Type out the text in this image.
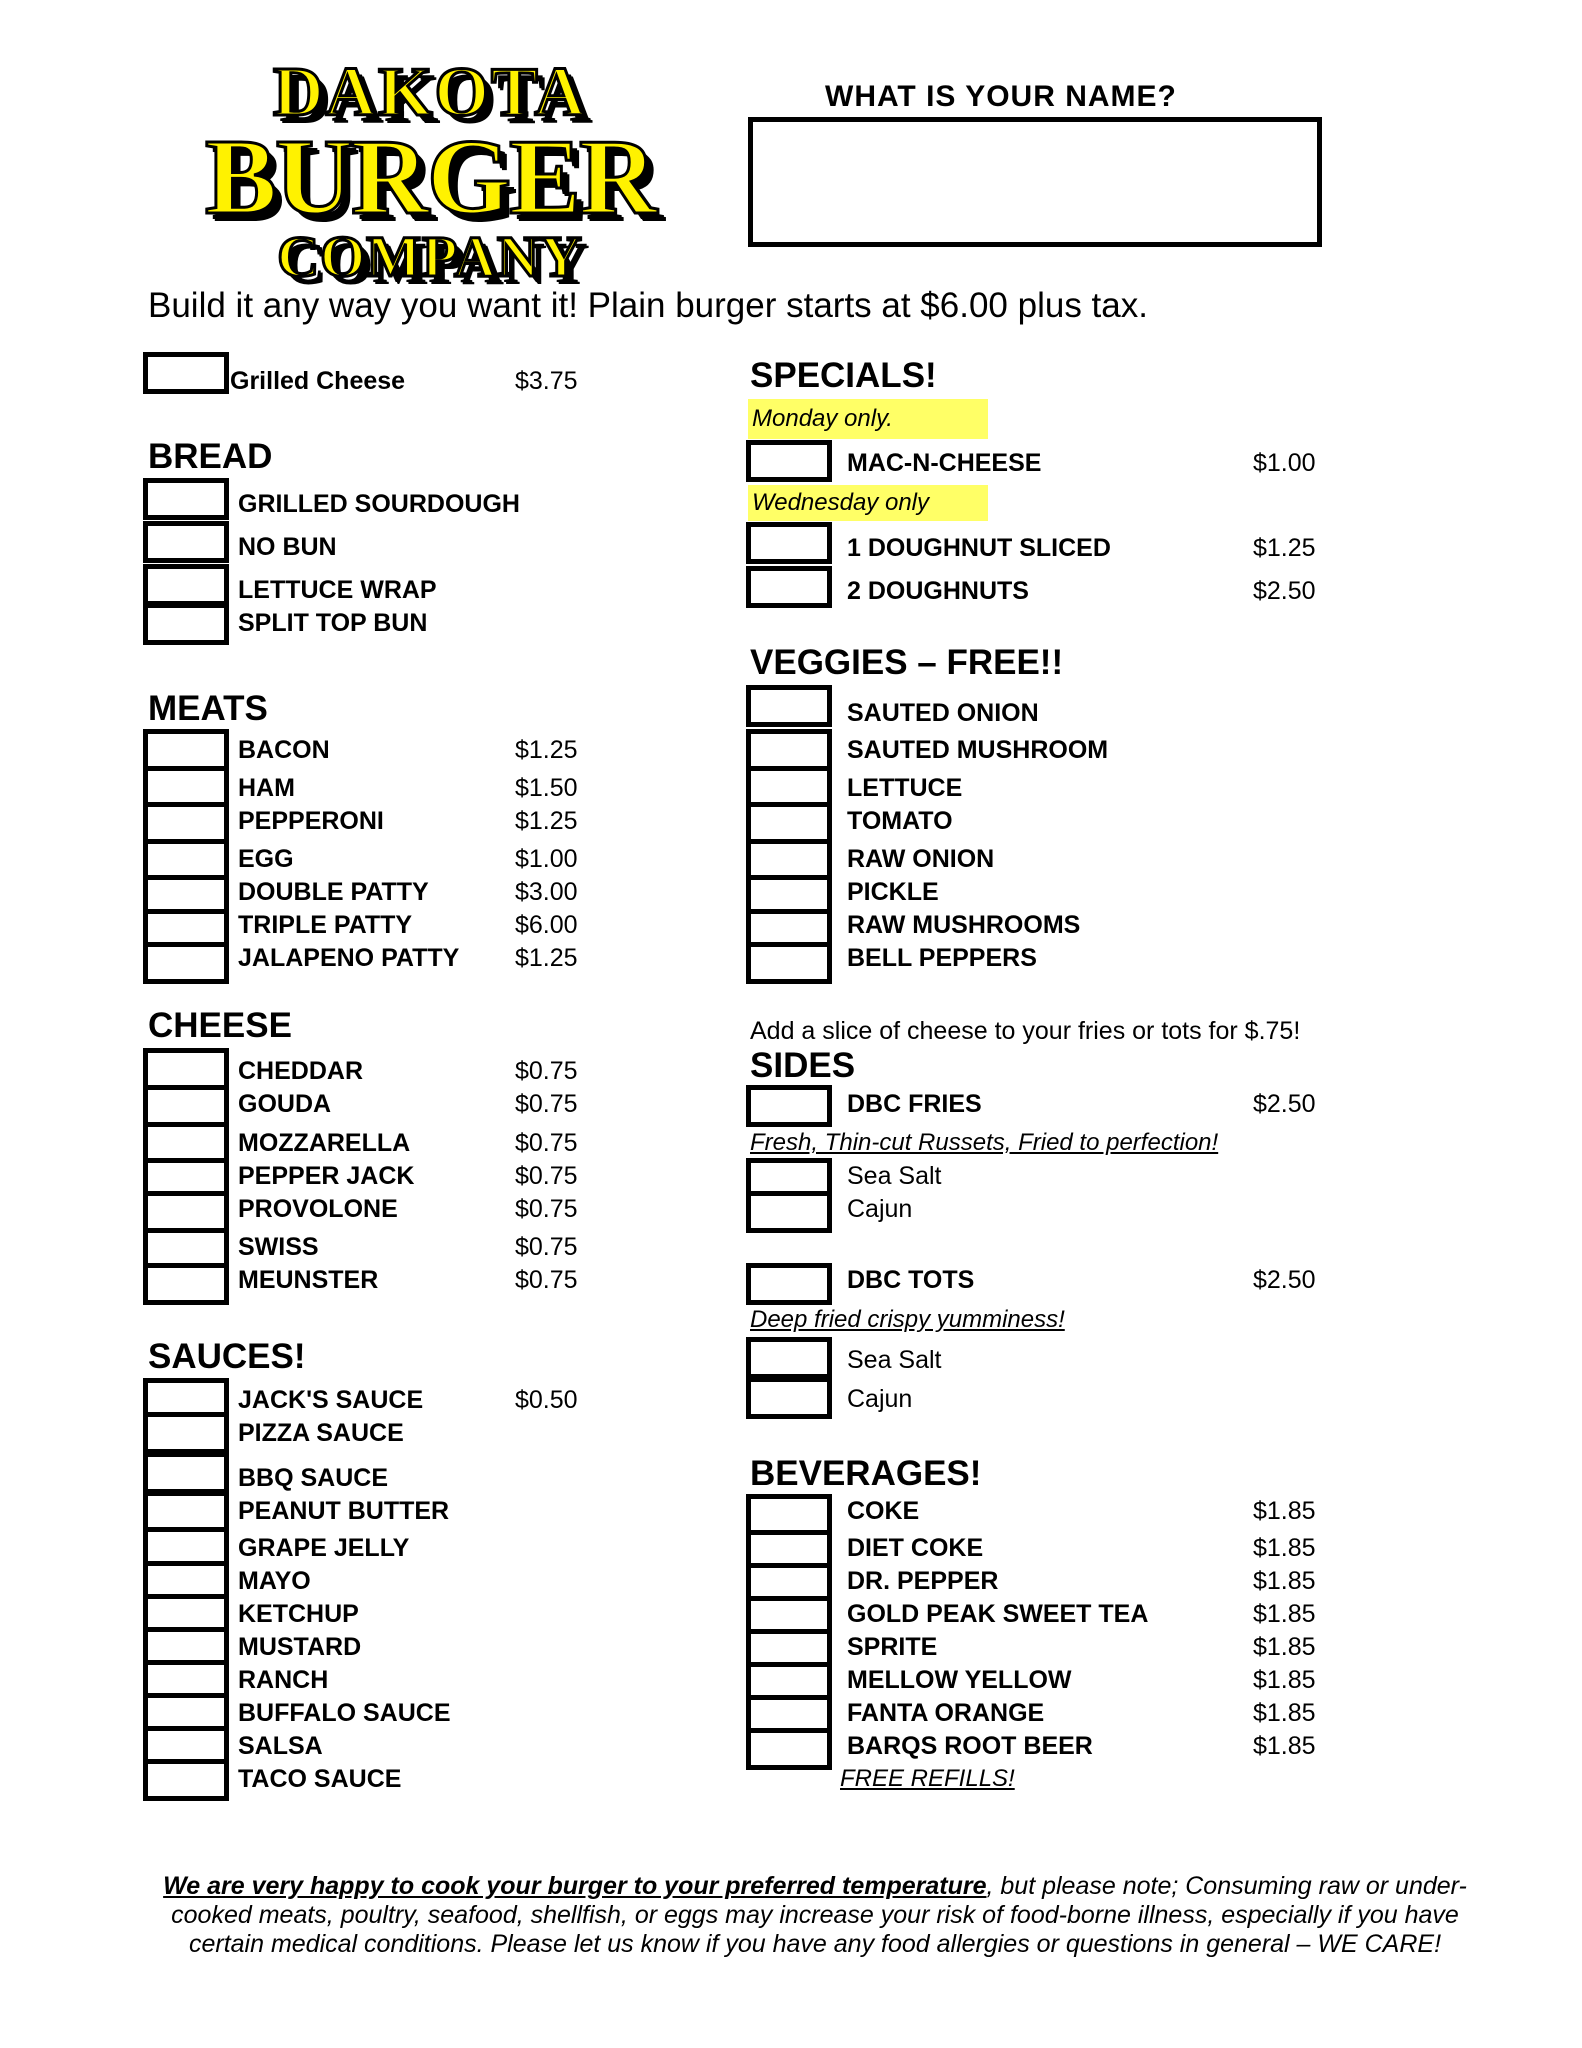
DAKOTA
BURGER
COMPANY
WHAT IS YOUR NAME?
Build it any way you want it! Plain burger starts at $6.00 plus tax.
Grilled Cheese	$3.75
BREAD
GRILLED SOURDOUGH
NO BUN
LETTUCE WRAP
SPLIT TOP BUN
MEATS
BACON	$1.25
HAM	$1.50
PEPPERONI	$1.25
EGG	$1.00
DOUBLE PATTY	$3.00
TRIPLE PATTY	$6.00
JALAPENO PATTY $1.25
CHEESE
CHEDDAR	$0.75
GOUDA	$0.75
MOZZARELLA	$0.75
PEPPER JACK	$0.75
PROVOLONE	$0.75
SWISS	$0.75
MEUNSTER	$0.75
SAUCES!
JACK'S SAUCE	$0.50
PIZZA SAUCE
BBQ SAUCE
PEANUT BUTTER
GRAPE JELLY
MAYO
KETCHUP
MUSTARD
RANCH
BUFFALO SAUCE
SALSA
TACO SAUCE
SPECIALS!
Monday only.
MAC-N-CHEESE	$1.00
Wednesday only
1 DOUGHNUT SLICED	$1.25
2 DOUGHNUTS	$2.50
VEGGIES – FREE!!
SAUTED ONION
SAUTED MUSHROOM
LETTUCE
TOMATO
RAW ONION
PICKLE
RAW MUSHROOMS
BELL PEPPERS
Add a slice of cheese to your fries or tots for $.75!
SIDES
DBC FRIES	$2.50
Fresh, Thin-cut Russets, Fried to perfection!
Sea Salt
Cajun
DBC TOTS	$2.50
Deep fried crispy yumminess!
Sea Salt
Cajun
BEVERAGES!
COKE	$1.85
DIET COKE	$1.85
DR. PEPPER	$1.85
GOLD PEAK SWEET TEA	$1.85
SPRITE	$1.85
MELLOW YELLOW	$1.85
FANTA ORANGE	$1.85
BARQS ROOT BEER	$1.85
FREE REFILLS!
We are very happy to cook your burger to your preferred temperature, but please note; Consuming raw or under-cooked meats, poultry, seafood, shellfish, or eggs may increase your risk of food-borne illness, especially if you have certain medical conditions. Please let us know if you have any food allergies or questions in general – WE CARE!
